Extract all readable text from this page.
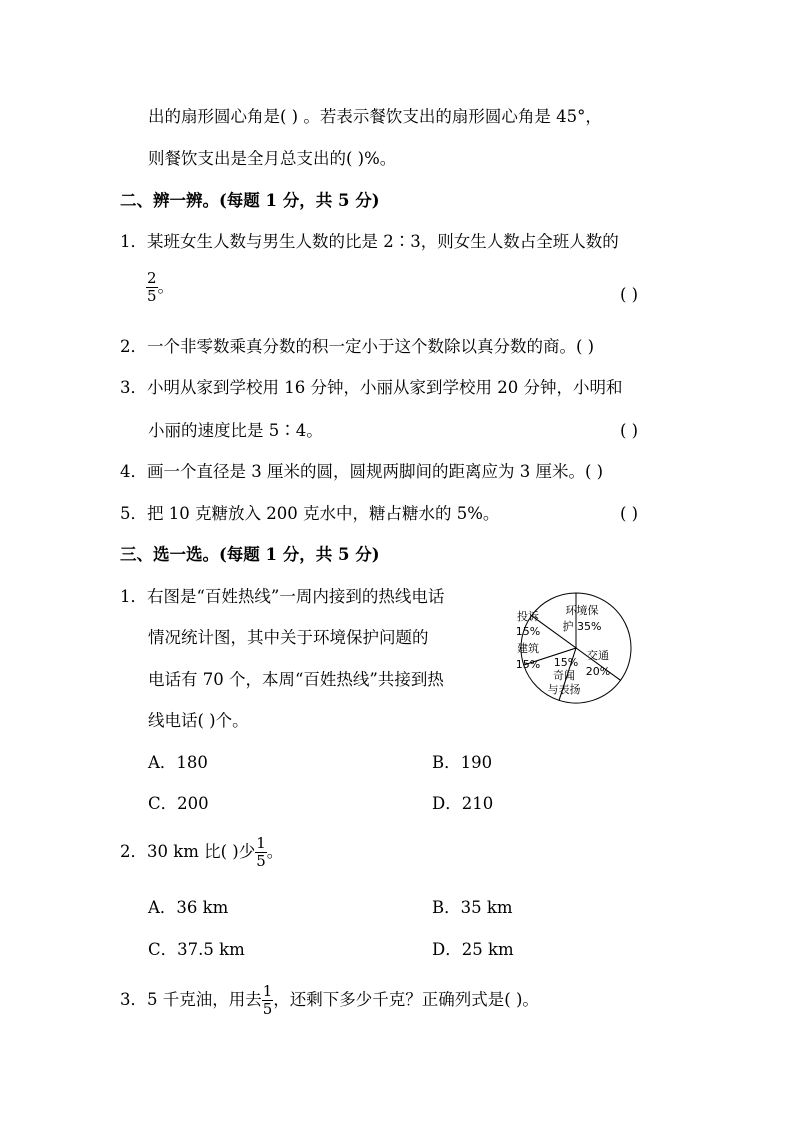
出的扇形圆心角是( ) 。若表示餐饮支出的扇形圆心角是 45°，
则餐饮支出是全月总支出的( )%。
二、辨一辨。(每题 1 分，共 5 分)
1．某班女生人数与男生人数的比是 2∶3，则女生人数占全班人数的
$\frac{2}{5}$ 。	( )
2．一个非零数乘真分数的积一定小于这个数除以真分数的商。( )
3．小明从家到学校用 16 分钟，小丽从家到学校用 20 分钟，小明和
小丽的速度比是 5∶4。	( )
4．画一个直径是 3 厘米的圆，圆规两脚间的距离应为 3 厘米。( )
5．把 10 克糖放入 200 克水中，糖占糖水的 5%。	( )
三、选一选。(每题 1 分，共 5 分)
1．右图是“百姓热线”一周内接到的热线电话
情况统计图，其中关于环境保护问题的
电话有 70 个，本周“百姓热线”共接到热
线电话( )个。
投诉
15%
环境保
护 35%
交通
20%
15%
奇闻
与表扬
建筑
15%
A．180	B．190
C．200	D．210
2．30 km 比( )少 $\frac{1}{5}$ 。
A．36 km	B．35 km
C．37.5 km	D．25 km
3．5 千克油，用去 $\frac{1}{5}$ ，还剩下多少千克？正确列式是( )。
